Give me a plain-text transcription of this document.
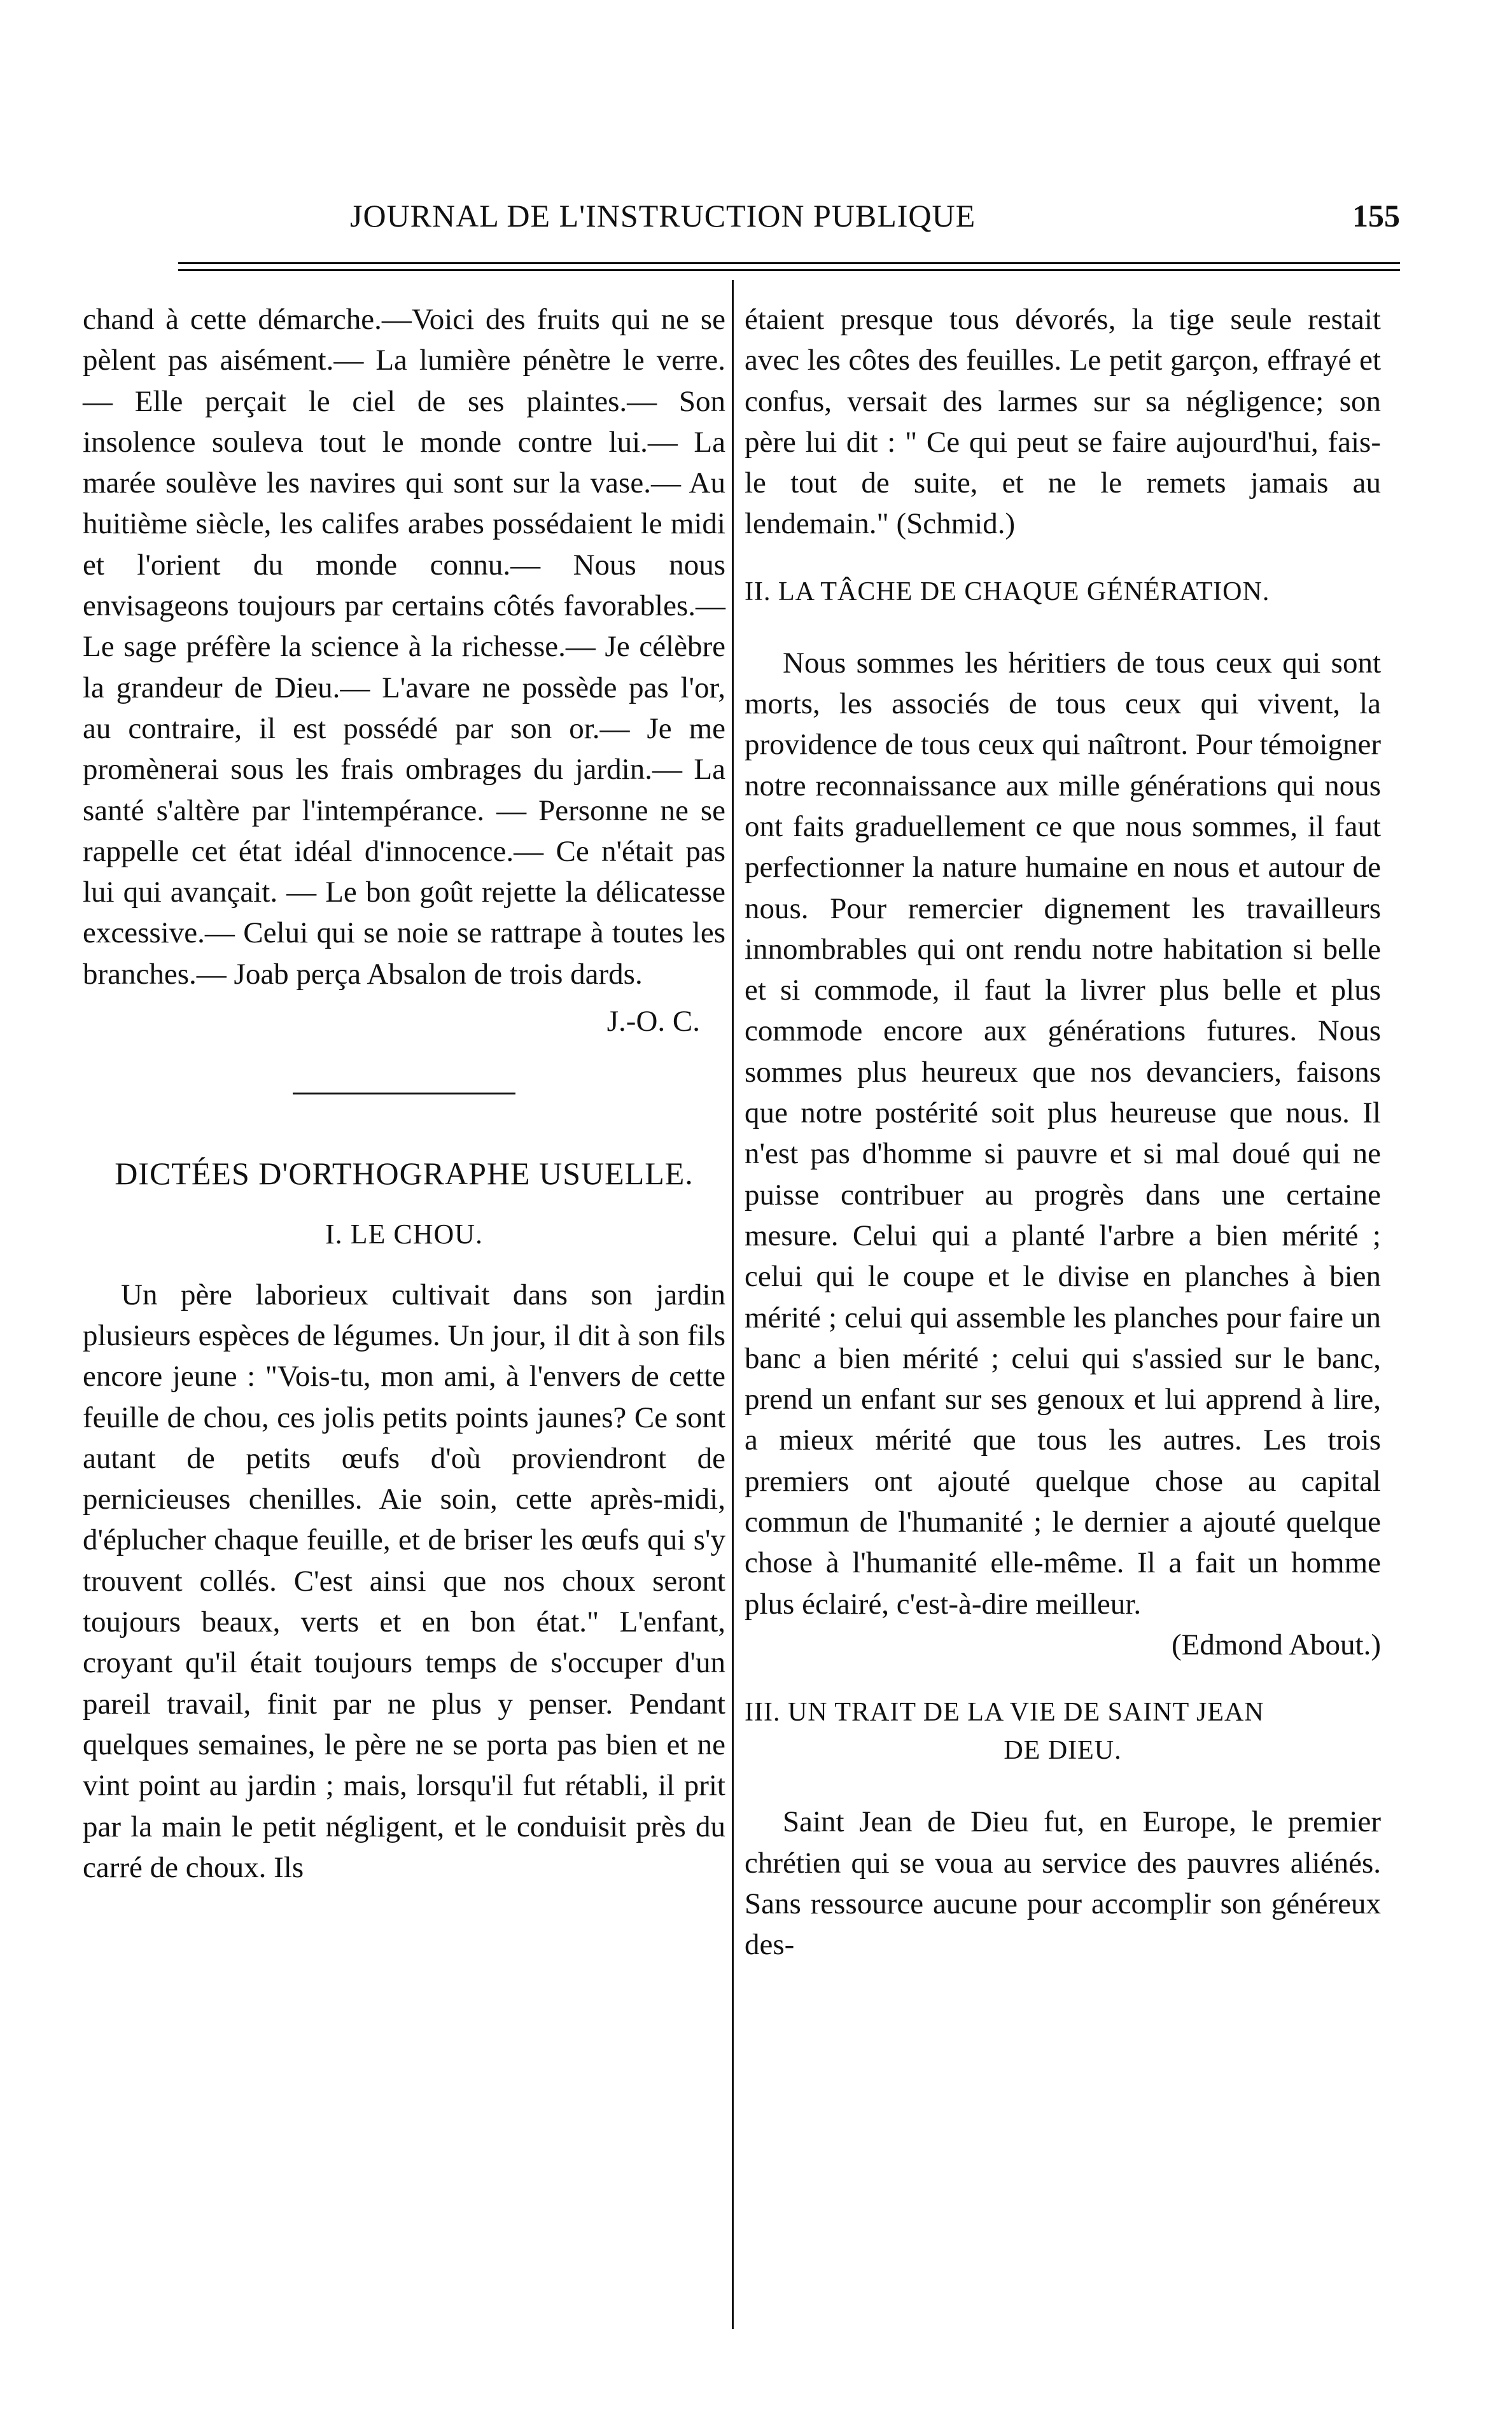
JOURNAL DE L'INSTRUCTION PUBLIQUE	155

chand à cette démarche.—Voici des fruits qui ne se pèlent pas aisément.— La lumière pénètre le verre. — Elle perçait le ciel de ses plaintes.— Son insolence souleva tout le monde contre lui.— La marée soulève les navires qui sont sur la vase.— Au huitième siècle, les califes arabes possédaient le midi et l'orient du monde connu.— Nous nous envisageons toujours par certains côtés favorables.— Le sage préfère la science à la richesse.— Je célèbre la grandeur de Dieu.— L'avare ne possède pas l'or, au contraire, il est possédé par son or.— Je me promènerai sous les frais ombrages du jardin.— La santé s'altère par l'intempérance. — Personne ne se rappelle cet état idéal d'innocence.— Ce n'était pas lui qui avançait. — Le bon goût rejette la délicatesse excessive.— Celui qui se noie se rattrape à toutes les branches.— Joab perça Absalon de trois dards.

J.-O. C.

DICTÉES D'ORTHOGRAPHE USUELLE.

I. LE CHOU.

Un père laborieux cultivait dans son jardin plusieurs espèces de légumes. Un jour, il dit à son fils encore jeune : "Vois-tu, mon ami, à l'envers de cette feuille de chou, ces jolis petits points jaunes? Ce sont autant de petits œufs d'où proviendront de pernicieuses chenilles. Aie soin, cette après-midi, d'éplucher chaque feuille, et de briser les œufs qui s'y trouvent collés. C'est ainsi que nos choux seront toujours beaux, verts et en bon état." L'enfant, croyant qu'il était toujours temps de s'occuper d'un pareil travail, finit par ne plus y penser. Pendant quelques semaines, le père ne se porta pas bien et ne vint point au jardin ; mais, lorsqu'il fut rétabli, il prit par la main le petit négligent, et le conduisit près du carré de choux. Ils

étaient presque tous dévorés, la tige seule restait avec les côtes des feuilles. Le petit garçon, effrayé et confus, versait des larmes sur sa négligence; son père lui dit : " Ce qui peut se faire aujourd'hui, fais-le tout de suite, et ne le remets jamais au lendemain." (Schmid.)

II. LA TÂCHE DE CHAQUE GÉNÉRATION.

Nous sommes les héritiers de tous ceux qui sont morts, les associés de tous ceux qui vivent, la providence de tous ceux qui naîtront. Pour témoigner notre reconnaissance aux mille générations qui nous ont faits graduellement ce que nous sommes, il faut perfectionner la nature humaine en nous et autour de nous. Pour remercier dignement les travailleurs innombrables qui ont rendu notre habitation si belle et si commode, il faut la livrer plus belle et plus commode encore aux générations futures. Nous sommes plus heureux que nos devanciers, faisons que notre postérité soit plus heureuse que nous. Il n'est pas d'homme si pauvre et si mal doué qui ne puisse contribuer au progrès dans une certaine mesure. Celui qui a planté l'arbre a bien mérité ; celui qui le coupe et le divise en planches à bien mérité ; celui qui assemble les planches pour faire un banc a bien mérité ; celui qui s'assied sur le banc, prend un enfant sur ses genoux et lui apprend à lire, a mieux mérité que tous les autres. Les trois premiers ont ajouté quelque chose au capital commun de l'humanité ; le dernier a ajouté quelque chose à l'humanité elle-même. Il a fait un homme plus éclairé, c'est-à-dire meilleur.

(Edmond About.)

III. UN TRAIT DE LA VIE DE SAINT JEAN

DE DIEU.

Saint Jean de Dieu fut, en Europe, le premier chrétien qui se voua au service des pauvres aliénés. Sans ressource aucune pour accomplir son généreux des-
